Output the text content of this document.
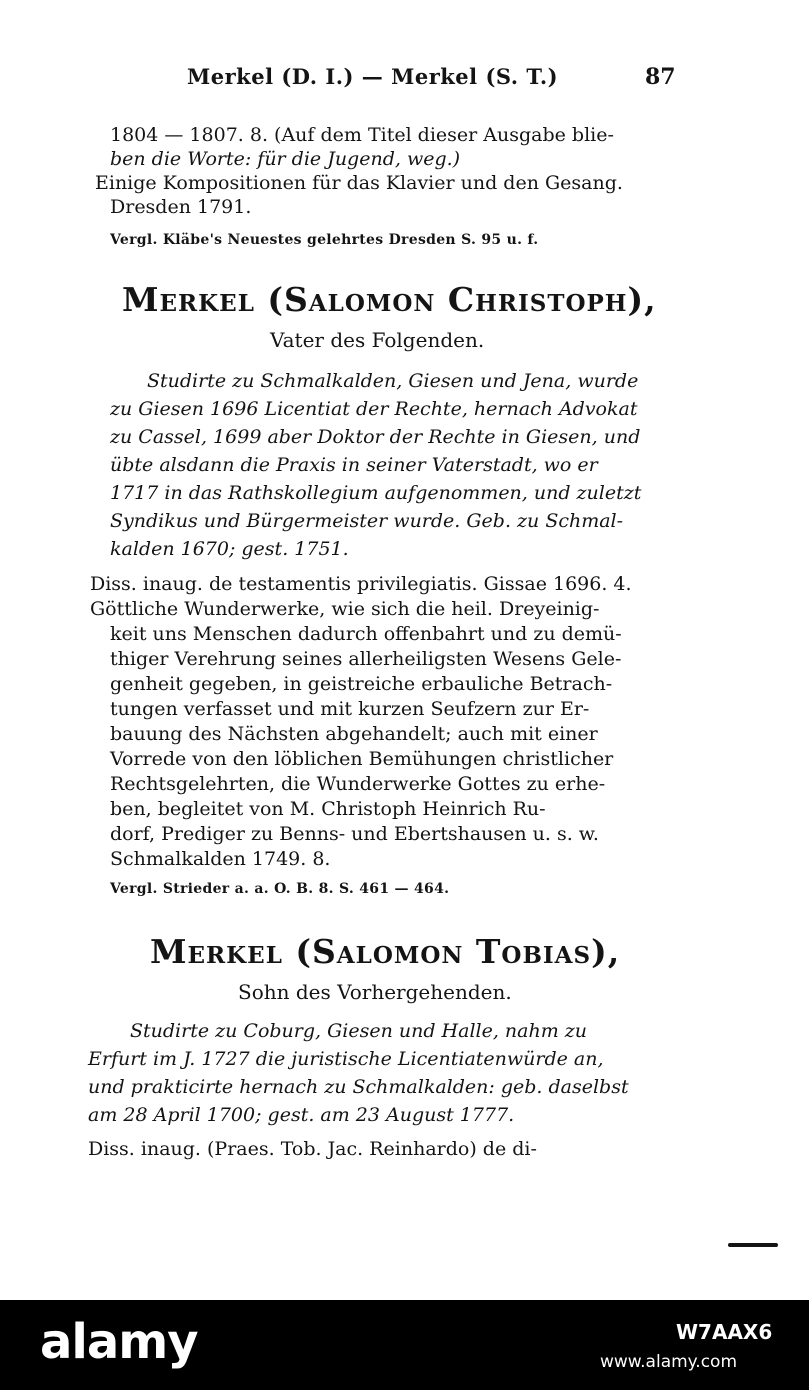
Merkel (D. I.) — Merkel (S. T.)	87
1804 — 1807. 8. (Auf dem Titel dieser Ausgabe blie-
ben die Worte: für die Jugend, weg.)
Einige Kompositionen für das Klavier und den Gesang.
Dresden 1791.
Vergl. Kläbe's Neuestes gelehrtes Dresden S. 95 u. f.
Merkel (Salomon Christoph),
Vater des Folgenden.
Studirte zu Schmalkalden, Giesen und Jena, wurde
zu Giesen 1696 Licentiat der Rechte, hernach Advokat
zu Cassel, 1699 aber Doktor der Rechte in Giesen, und
übte alsdann die Praxis in seiner Vaterstadt, wo er
1717 in das Rathskollegium aufgenommen, und zuletzt
Syndikus und Bürgermeister wurde. Geb. zu Schmal-
kalden 1670; gest. 1751.
Diss. inaug. de testamentis privilegiatis. Gissae 1696. 4.
Göttliche Wunderwerke, wie sich die heil. Dreyeinig-
keit uns Menschen dadurch offenbahrt und zu demü-
thiger Verehrung seines allerheiligsten Wesens Gele-
genheit gegeben, in geistreiche erbauliche Betrach-
tungen verfasset und mit kurzen Seufzern zur Er-
bauung des Nächsten abgehandelt; auch mit einer
Vorrede von den löblichen Bemühungen christlicher
Rechtsgelehrten, die Wunderwerke Gottes zu erhe-
ben, begleitet von M. Christoph Heinrich Ru-
dorf, Prediger zu Benns- und Ebertshausen u. s. w.
Schmalkalden 1749. 8.
Vergl. Strieder a. a. O. B. 8. S. 461 — 464.
Merkel (Salomon Tobias),
Sohn des Vorhergehenden.
Studirte zu Coburg, Giesen und Halle, nahm zu
Erfurt im J. 1727 die juristische Licentiatenwürde an,
und prakticirte hernach zu Schmalkalden: geb. daselbst
am 28 April 1700; gest. am 23 August 1777.
Diss. inaug. (Praes. Tob. Jac. Reinhardo) de di-
alamy	W7AAX6
www.alamy.com
